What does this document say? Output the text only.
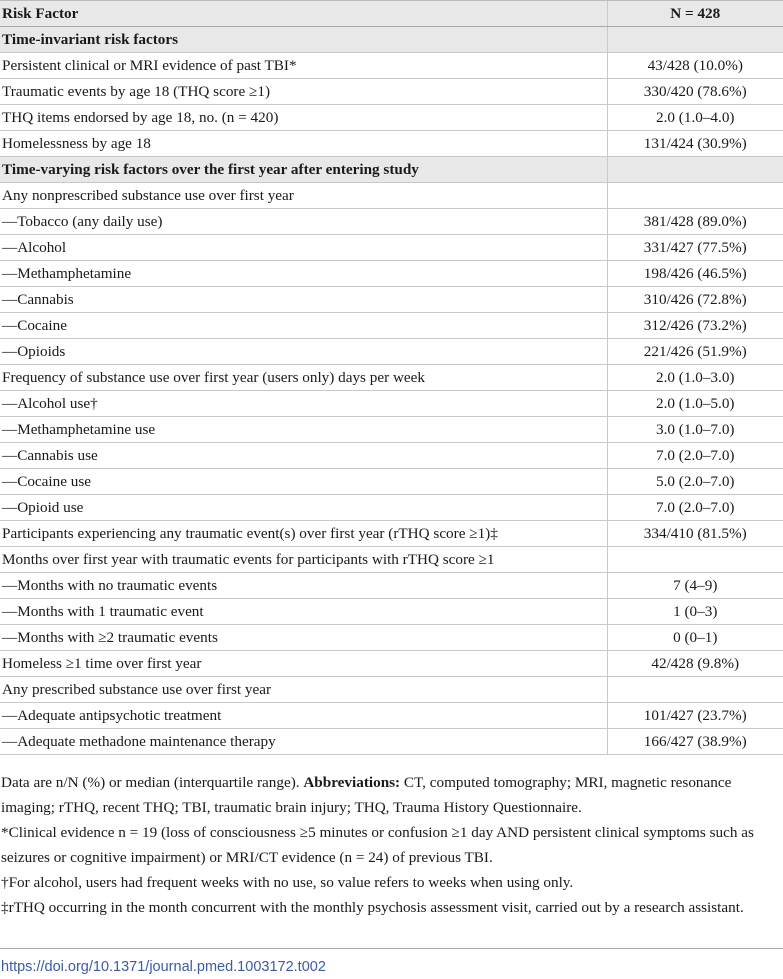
Risk Factor	N = 428
Time-invariant risk factors	
Persistent clinical or MRI evidence of past TBI*	43/428 (10.0%)
Traumatic events by age 18 (THQ score ≥1)	330/420 (78.6%)
THQ items endorsed by age 18, no. (n = 420)	2.0 (1.0–4.0)
Homelessness by age 18	131/424 (30.9%)
Time-varying risk factors over the first year after entering study	
Any nonprescribed substance use over first year	
—Tobacco (any daily use)	381/428 (89.0%)
—Alcohol	331/427 (77.5%)
—Methamphetamine	198/426 (46.5%)
—Cannabis	310/426 (72.8%)
—Cocaine	312/426 (73.2%)
—Opioids	221/426 (51.9%)
Frequency of substance use over first year (users only) days per week	2.0 (1.0–3.0)
—Alcohol use†	2.0 (1.0–5.0)
—Methamphetamine use	3.0 (1.0–7.0)
—Cannabis use	7.0 (2.0–7.0)
—Cocaine use	5.0 (2.0–7.0)
—Opioid use	7.0 (2.0–7.0)
Participants experiencing any traumatic event(s) over first year (rTHQ score ≥1)‡	334/410 (81.5%)
Months over first year with traumatic events for participants with rTHQ score ≥1	
—Months with no traumatic events	7 (4–9)
—Months with 1 traumatic event	1 (0–3)
—Months with ≥2 traumatic events	0 (0–1)
Homeless ≥1 time over first year	42/428 (9.8%)
Any prescribed substance use over first year	
—Adequate antipsychotic treatment	101/427 (23.7%)
—Adequate methadone maintenance therapy	166/427 (38.9%)

Data are n/N (%) or median (interquartile range). Abbreviations: CT, computed tomography; MRI, magnetic resonance imaging; rTHQ, recent THQ; TBI, traumatic brain injury; THQ, Trauma History Questionnaire.

*Clinical evidence n = 19 (loss of consciousness ≥5 minutes or confusion ≥1 day AND persistent clinical symptoms such as seizures or cognitive impairment) or MRI/CT evidence (n = 24) of previous TBI.

†For alcohol, users had frequent weeks with no use, so value refers to weeks when using only.

‡rTHQ occurring in the month concurrent with the monthly psychosis assessment visit, carried out by a research assistant.

https://doi.org/10.1371/journal.pmed.1003172.t002
